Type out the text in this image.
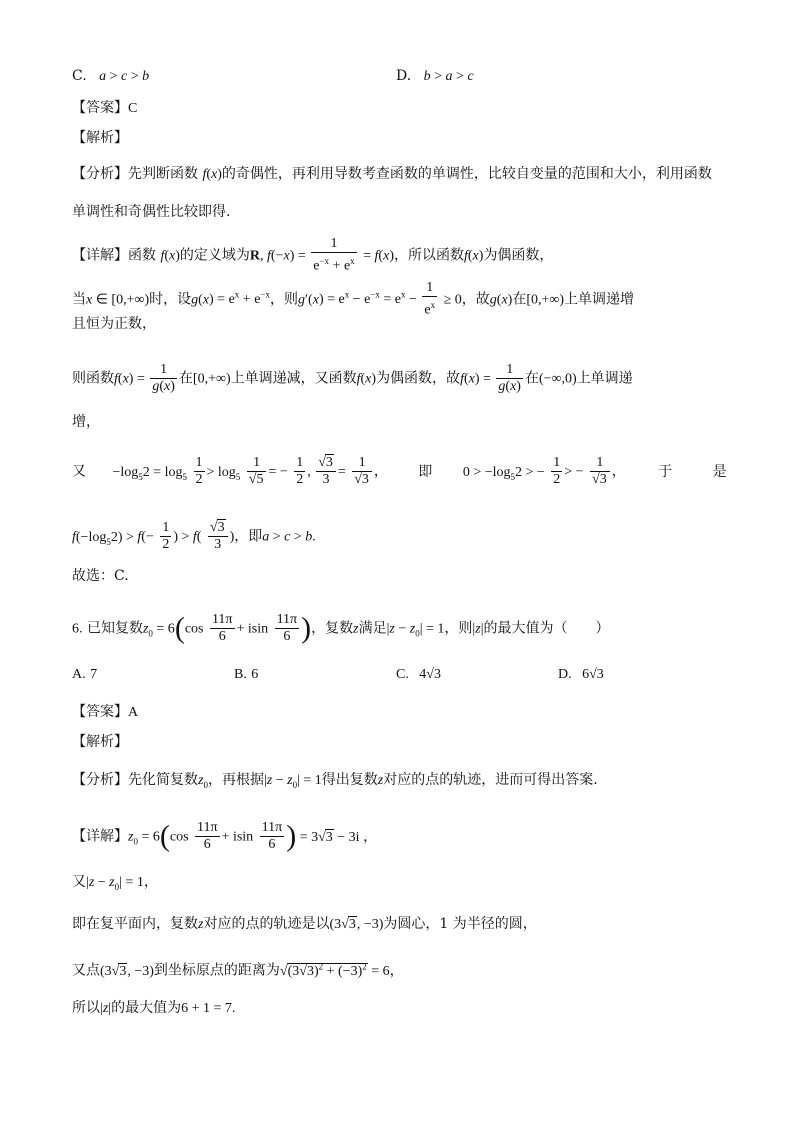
C. a > c > b	D. b > a > c
【答案】C
【解析】
【分析】先判断函数 f(x)的奇偶性，再利用导数考查函数的单调性，比较自变量的范围和大小，利用函数
单调性和奇偶性比较即得.
【详解】函数 f(x)的定义域为R, $f(-x) = \frac{1}{e^{-x} + e^x} = f(x)$，所以函数f(x)为偶函数，
当x ∈ [0,+∞)时，设$g(x) = e^x + e^{-x}$，则$g'(x) = e^x - e^{-x} = e^x - \frac{1}{e^x} \ge 0$，故g(x)在[0,+∞)上单调递增
且恒为正数，
则函数$f(x) = \frac{1}{g(x)}$ 在[0,+∞)上单调递减，又函数f(x)为偶函数，故$f(x) = \frac{1}{g(x)}$ 在(−∞,0)上单调递
增，
又 $-\log_52 = \log_5 \frac{1}{2} > \log_5 \frac{1}{√5}$ = − $\frac{1}{2}$ , $\frac{√3}{3} = \frac{1}{√3}$ ， 即 $0 > -\log_52$ > − $\frac{1}{2}$ > − $\frac{1}{√3}$ ， 于	是
$f(-\log_52) > f(- \frac{1}{2}$ ) > $f( \frac{√3}{3}$ )，即a > c > b.
故选：C.
6. 已知复数$z_0 = 6(\cos \frac{11\pi}{6} + isin \frac{11\pi}{6}$ )，复数z满足$|z - z_0| = 1$，则|z|的最大值为（　　）
A. 7	B. 6	C. 4√3	D. 6√3
【答案】A
【解析】
【分析】先化简复数$z_0$，再根据$|z - z_0| = 1$得出复数z对应的点的轨迹，进而可得出答案.
【详解】$z_0 = 6(\cos \frac{11\pi}{6} + isin \frac{11\pi}{6}$ ) = 3√3 − 3i ，
又$|z - z_0| = 1$，
即在复平面内，复数z对应的点的轨迹是以(3√3, −3)为圆心，1 为半径的圆，
又点(3√3, −3)到坐标原点的距离为$√(3√3)^2 + (-3)^2 = 6$，
所以|z|的最大值为6 + 1 = 7.
